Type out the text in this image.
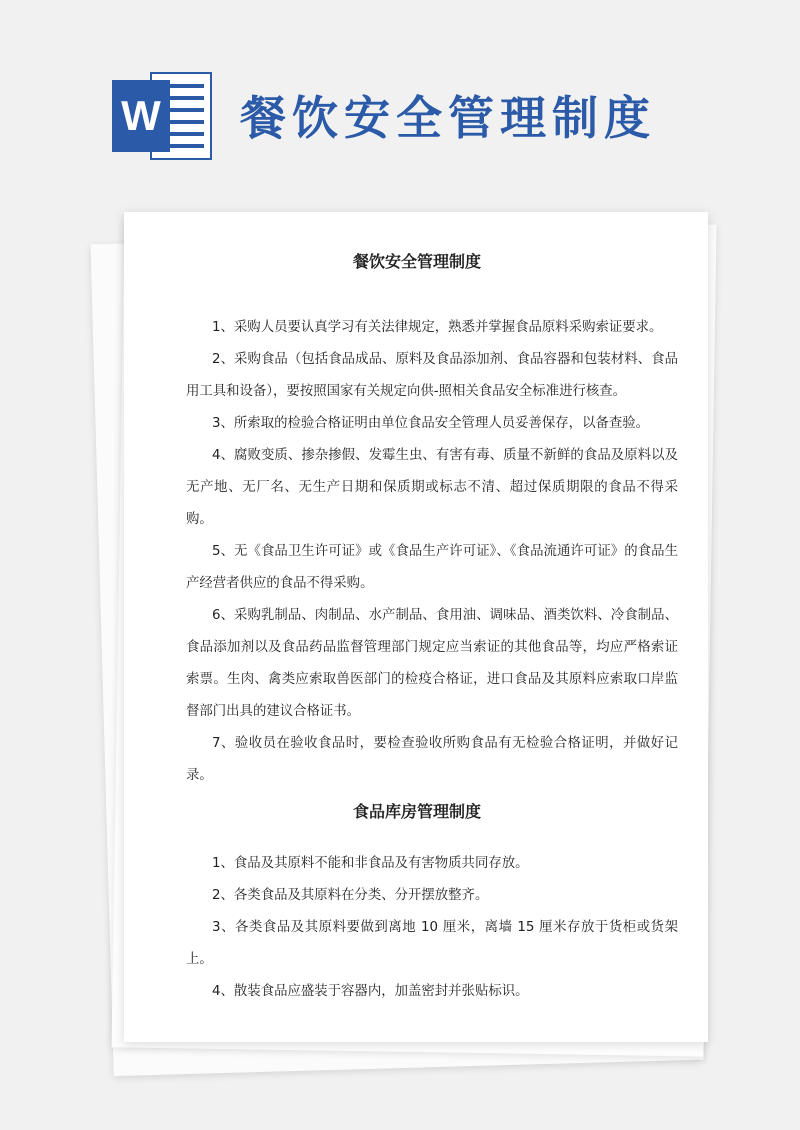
W 餐饮安全管理制度
餐饮安全管理制度

1、采购人员要认真学习有关法律规定，熟悉并掌握食品原料采购索证要求。

2、采购食品（包括食品成品、原料及食品添加剂、食品容器和包装材料、食品用工具和设备），要按照国家有关规定向供-照相关食品安全标准进行核查。

3、所索取的检验合格证明由单位食品安全管理人员妥善保存，以备查验。

4、腐败变质、掺杂掺假、发霉生虫、有害有毒、质量不新鲜的食品及原料以及无产地、无厂名、无生产日期和保质期或标志不清、超过保质期限的食品不得采购。

5、无《食品卫生许可证》或《食品生产许可证》、《食品流通许可证》的食品生产经营者供应的食品不得采购。

6、采购乳制品、肉制品、水产制品、食用油、调味品、酒类饮料、冷食制品、食品添加剂以及食品药品监督管理部门规定应当索证的其他食品等，均应严格索证索票。生肉、禽类应索取兽医部门的检疫合格证，进口食品及其原料应索取口岸监督部门出具的建议合格证书。

7、验收员在验收食品时，要检查验收所购食品有无检验合格证明，并做好记录。

食品库房管理制度

1、食品及其原料不能和非食品及有害物质共同存放。

2、各类食品及其原料在分类、分开摆放整齐。

3、各类食品及其原料要做到离地 10 厘米，离墙 15 厘米存放于货柜或货架上。

4、散装食品应盛装于容器内，加盖密封并张贴标识。
